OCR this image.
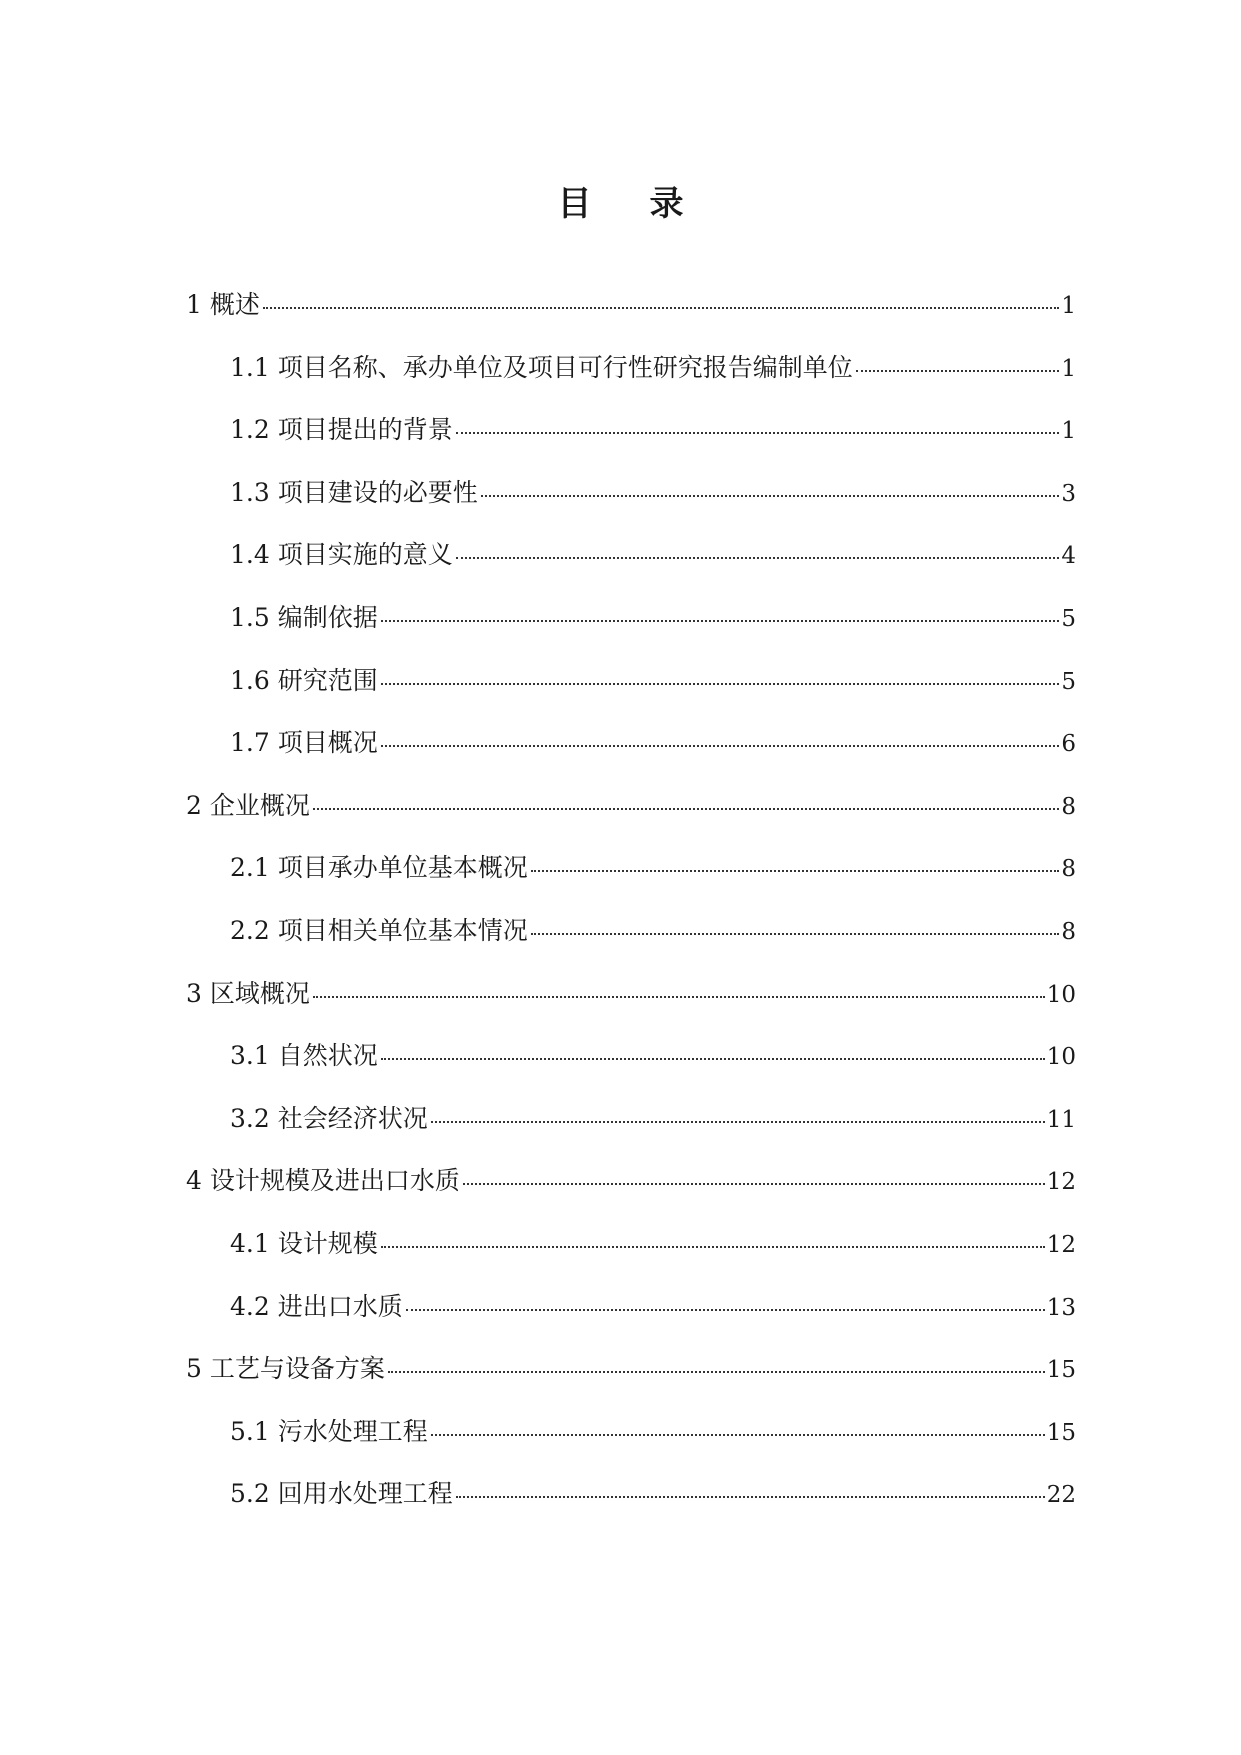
目 录
1 概述	1
1.1 项目名称、承办单位及项目可行性研究报告编制单位	1
1.2 项目提出的背景	1
1.3 项目建设的必要性	3
1.4 项目实施的意义	4
1.5 编制依据	5
1.6 研究范围	5
1.7 项目概况	6
2 企业概况	8
2.1 项目承办单位基本概况	8
2.2 项目相关单位基本情况	8
3 区域概况	10
3.1 自然状况	10
3.2 社会经济状况	11
4 设计规模及进出口水质	12
4.1 设计规模	12
4.2 进出口水质	13
5 工艺与设备方案	15
5.1 污水处理工程	15
5.2 回用水处理工程	22
